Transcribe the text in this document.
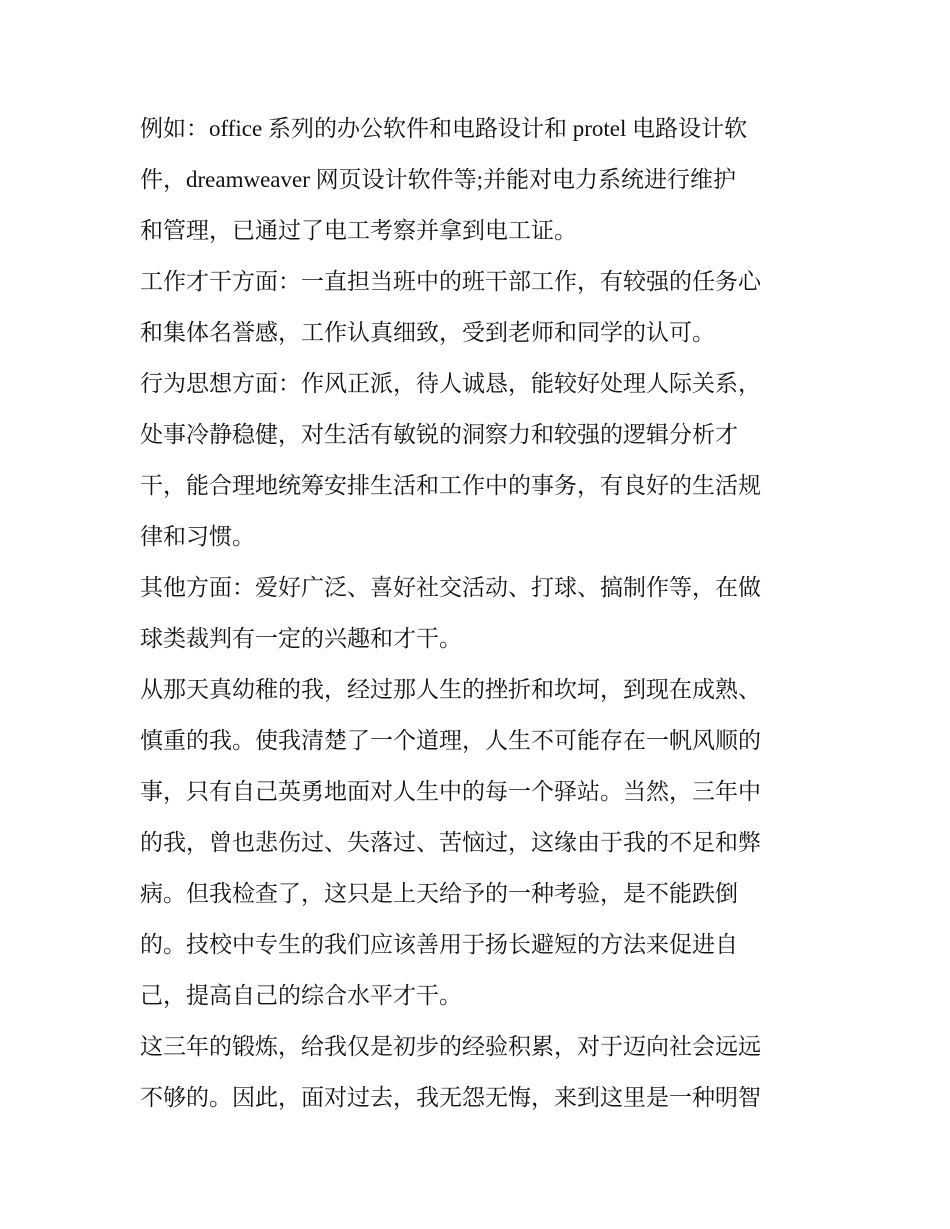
例如：office 系列的办公软件和电路设计和 protel 电路设计软
件，dreamweaver 网页设计软件等;并能对电力系统进行维护
和管理，已通过了电工考察并拿到电工证。
工作才干方面：一直担当班中的班干部工作，有较强的任务心
和集体名誉感，工作认真细致，受到老师和同学的认可。
行为思想方面：作风正派，待人诚恳，能较好处理人际关系，
处事冷静稳健，对生活有敏锐的洞察力和较强的逻辑分析才
干，能合理地统筹安排生活和工作中的事务，有良好的生活规
律和习惯。
其他方面：爱好广泛、喜好社交活动、打球、搞制作等，在做
球类裁判有一定的兴趣和才干。
从那天真幼稚的我，经过那人生的挫折和坎坷，到现在成熟、
慎重的我。使我清楚了一个道理，人生不可能存在一帆风顺的
事，只有自己英勇地面对人生中的每一个驿站。当然，三年中
的我，曾也悲伤过、失落过、苦恼过，这缘由于我的不足和弊
病。但我检查了，这只是上天给予的一种考验，是不能跌倒
的。技校中专生的我们应该善用于扬长避短的方法来促进自
己，提高自己的综合水平才干。
这三年的锻炼，给我仅是初步的经验积累，对于迈向社会远远
不够的。因此，面对过去，我无怨无悔，来到这里是一种明智
